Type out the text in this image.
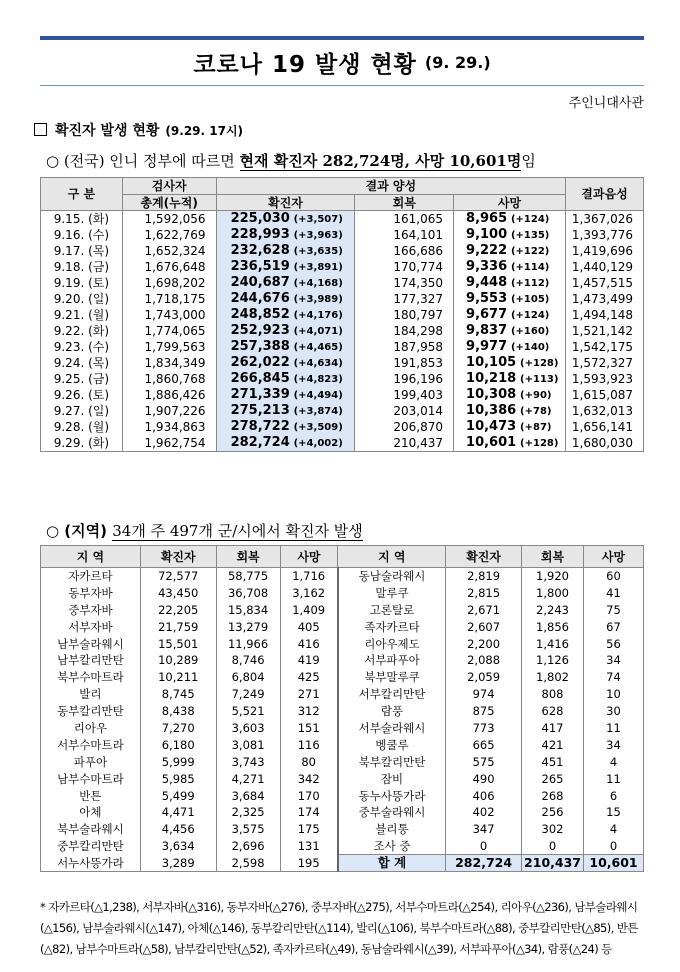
코로나 19 발생 현황 (9. 29.)
주인니대사관
확진자 발생 현황 (9.29. 17시)
○ (전국) 인니 정부에 따르면 현재 확진자 282,724명, 사망 10,601명임
구 분	검사자	결과 양성			결과음성
	총계(누적)	확진자	회복	사망	
9.15. (화)	1,592,056	225,030 (+3,507)	161,065	8,965 (+124)	1,367,026
9.16. (수)	1,622,769	228,993 (+3,963)	164,101	9,100 (+135)	1,393,776
9.17. (목)	1,652,324	232,628 (+3,635)	166,686	9,222 (+122)	1,419,696
9.18. (금)	1,676,648	236,519 (+3,891)	170,774	9,336 (+114)	1,440,129
9.19. (토)	1,698,202	240,687 (+4,168)	174,350	9,448 (+112)	1,457,515
9.20. (일)	1,718,175	244,676 (+3,989)	177,327	9,553 (+105)	1,473,499
9.21. (월)	1,743,000	248,852 (+4,176)	180,797	9,677 (+124)	1,494,148
9.22. (화)	1,774,065	252,923 (+4,071)	184,298	9,837 (+160)	1,521,142
9.23. (수)	1,799,563	257,388 (+4,465)	187,958	9,977 (+140)	1,542,175
9.24. (목)	1,834,349	262,022 (+4,634)	191,853	10,105 (+128)	1,572,327
9.25. (금)	1,860,768	266,845 (+4,823)	196,196	10,218 (+113)	1,593,923
9.26. (토)	1,886,426	271,339 (+4,494)	199,403	10,308 (+90)	1,615,087
9.27. (일)	1,907,226	275,213 (+3,874)	203,014	10,386 (+78)	1,632,013
9.28. (월)	1,934,863	278,722 (+3,509)	206,870	10,473 (+87)	1,656,141
9.29. (화)	1,962,754	282,724 (+4,002)	210,437	10,601 (+128)	1,680,030
○ (지역) 34개 주 497개 군/시에서 확진자 발생
지 역	확진자	회복	사망	지 역	확진자	회복	사망
자카르타	72,577	58,775	1,716	동남술라웨시	2,819	1,920	60
동부자바	43,450	36,708	3,162	말루쿠	2,815	1,800	41
중부자바	22,205	15,834	1,409	고론탈로	2,671	2,243	75
서부자바	21,759	13,279	405	족자카르타	2,607	1,856	67
남부술라웨시	15,501	11,966	416	리아우제도	2,200	1,416	56
남부칼리만탄	10,289	8,746	419	서부파푸아	2,088	1,126	34
북부수마트라	10,211	6,804	425	북부말루쿠	2,059	1,802	74
발리	8,745	7,249	271	서부칼리만탄	974	808	10
동부칼리만탄	8,438	5,521	312	람풍	875	628	30
리아우	7,270	3,603	151	서부술라웨시	773	417	11
서부수마트라	6,180	3,081	116	벵쿨루	665	421	34
파푸아	5,999	3,743	80	북부칼리만탄	575	451	4
남부수마트라	5,985	4,271	342	잠비	490	265	11
반튼	5,499	3,684	170	동누사뜽가라	406	268	6
아체	4,471	2,325	174	중부술라웨시	402	256	15
북부술라웨시	4,456	3,575	175	블리통	347	302	4
중부칼리만탄	3,634	2,696	131	조사 중	0	0	0
서누사뜽가라	3,289	2,598	195	합 계	282,724	210,437	10,601
* 자카르타(△1,238), 서부자바(△316), 동부자바(△276), 중부자바(△275), 서부수마트라(△254), 리아우(△236), 남부술라웨시(△156), 남부술라웨시(△147), 아체(△146), 동부칼리만탄(△114), 발리(△106), 북부수마트라(△88), 중부칼리만탄(△85), 반튼(△82), 남부수마트라(△58), 남부칼리만탄(△52), 족자카르타(△49), 동남술라웨시(△39), 서부파푸아(△34), 람풍(△24) 등
